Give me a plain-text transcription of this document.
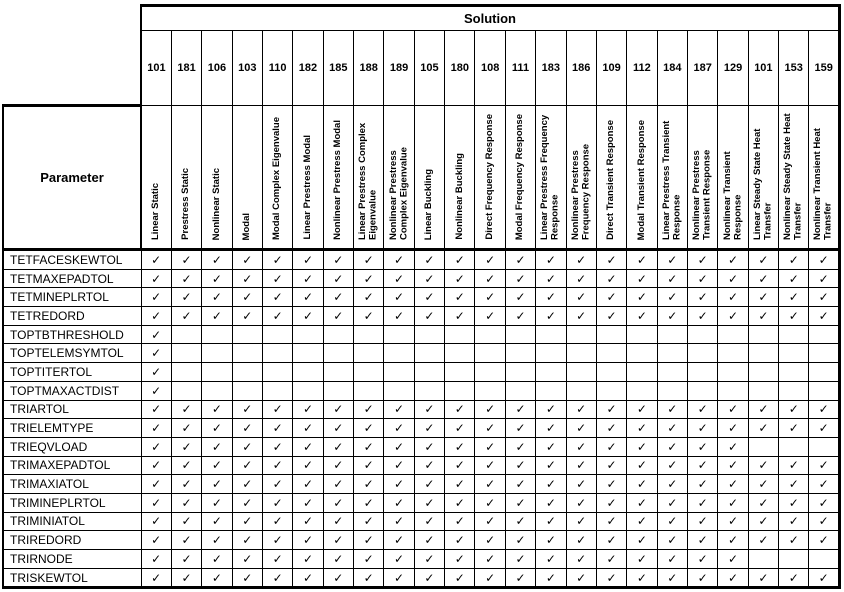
	Solution																						
	101	181	106	103	110	182	185	188	189	105	180	108	111	183	186	109	112	184	187	129	101	153	159
Parameter	Linear Static	Prestress Static	Nonlinear Static	Modal	Modal Complex Eigenvalue	Linear Prestress Modal	Nonlinear Prestress Modal	Linear Prestress Complex Eigenvalue	Nonlinear Prestress Complex Eigenvalue	Linear Buckling	Nonlinear Buckling	Direct Frequency Response	Modal Frequency Response	Linear Prestress Frequency Response	Nonlinear Prestress Frequency Response	Direct Transient Response	Modal Transient Response	Linear Prestress Transient Response	Nonlinear Prestress Transient Response	Nonlinear Transient Response	Linear Steady State Heat Transfer	Nonlinear Steady State Heat Transfer	Nonlinear Transient Heat Transfer
TETFACESKEWTOL	✓	✓	✓	✓	✓	✓	✓	✓	✓	✓	✓	✓	✓	✓	✓	✓	✓	✓	✓	✓	✓	✓	✓
TETMAXEPADTOL	✓	✓	✓	✓	✓	✓	✓	✓	✓	✓	✓	✓	✓	✓	✓	✓	✓	✓	✓	✓	✓	✓	✓
TETMINEPLRTOL	✓	✓	✓	✓	✓	✓	✓	✓	✓	✓	✓	✓	✓	✓	✓	✓	✓	✓	✓	✓	✓	✓	✓
TETREDORD	✓	✓	✓	✓	✓	✓	✓	✓	✓	✓	✓	✓	✓	✓	✓	✓	✓	✓	✓	✓	✓	✓	✓
TOPTBTHRESHOLD	✓																						
TOPTELEMSYMTOL	✓																						
TOPTITERTOL	✓																						
TOPTMAXACTDIST	✓																						
TRIARTOL	✓	✓	✓	✓	✓	✓	✓	✓	✓	✓	✓	✓	✓	✓	✓	✓	✓	✓	✓	✓	✓	✓	✓
TRIELEMTYPE	✓	✓	✓	✓	✓	✓	✓	✓	✓	✓	✓	✓	✓	✓	✓	✓	✓	✓	✓	✓	✓	✓	✓
TRIEQVLOAD	✓	✓	✓	✓	✓	✓	✓	✓	✓	✓	✓	✓	✓	✓	✓	✓	✓	✓	✓	✓			
TRIMAXEPADTOL	✓	✓	✓	✓	✓	✓	✓	✓	✓	✓	✓	✓	✓	✓	✓	✓	✓	✓	✓	✓	✓	✓	✓
TRIMAXIATOL	✓	✓	✓	✓	✓	✓	✓	✓	✓	✓	✓	✓	✓	✓	✓	✓	✓	✓	✓	✓	✓	✓	✓
TRIMINEPLRTOL	✓	✓	✓	✓	✓	✓	✓	✓	✓	✓	✓	✓	✓	✓	✓	✓	✓	✓	✓	✓	✓	✓	✓
TRIMINIATOL	✓	✓	✓	✓	✓	✓	✓	✓	✓	✓	✓	✓	✓	✓	✓	✓	✓	✓	✓	✓	✓	✓	✓
TRIREDORD	✓	✓	✓	✓	✓	✓	✓	✓	✓	✓	✓	✓	✓	✓	✓	✓	✓	✓	✓	✓	✓	✓	✓
TRIRNODE	✓	✓	✓	✓	✓	✓	✓	✓	✓	✓	✓	✓	✓	✓	✓	✓	✓	✓	✓	✓			
TRISKEWTOL	✓	✓	✓	✓	✓	✓	✓	✓	✓	✓	✓	✓	✓	✓	✓	✓	✓	✓	✓	✓	✓	✓	✓
